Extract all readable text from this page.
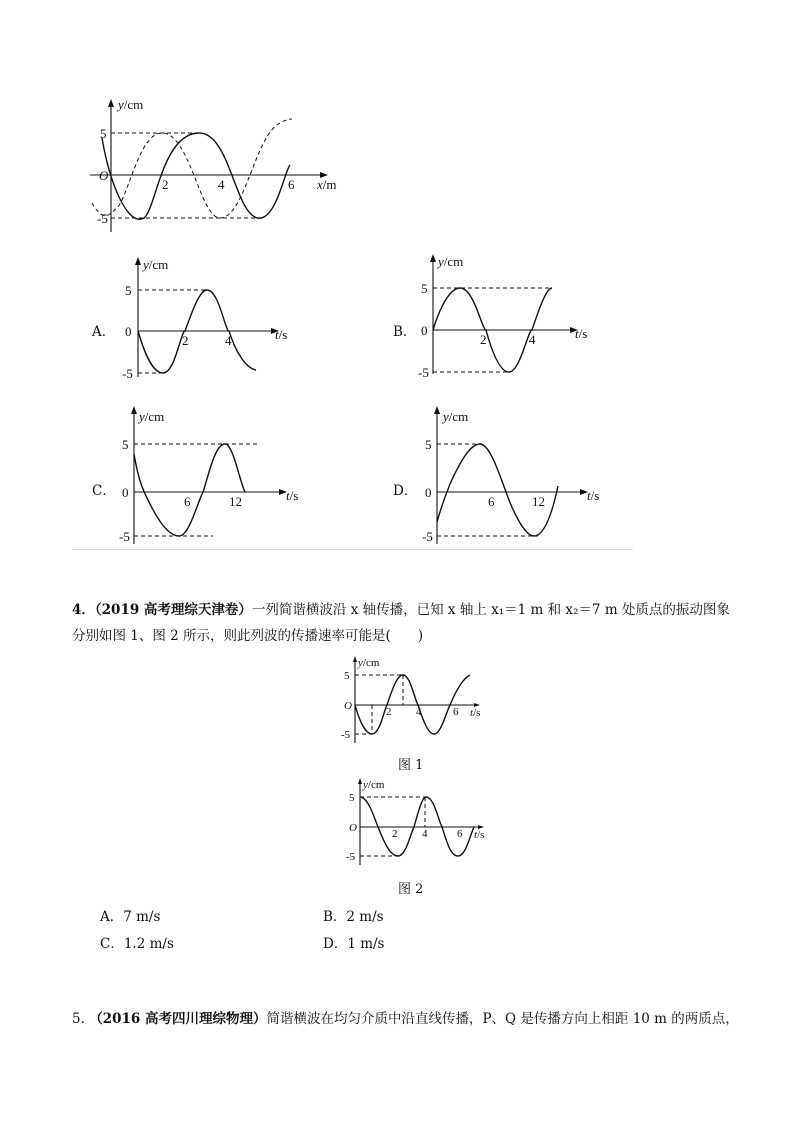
y/cm
5
O
-5
2	4	6 x/m
A．
y/cm
5
0
-5
2	4	t/s	B．
y/cm
5
0
-5
2	4	t/s
C．
y/cm
5
0
-5
6	12	t/s	D．
y/cm
5
0
-5
6	12	t/s
4．（2019 高考理综天津卷）一列简谐横波沿 x 轴传播，已知 x 轴上 x₁＝1 m 和 x₂＝7 m 处质点的振动图象
分别如图 1、图 2 所示，则此列波的传播速率可能是(　　)
y/cm
5
O
-5
2 4	6 t/s
图 1
y/cm
5
O
-5
2 4	6 t/s
图 2
A．7 m/s	B．2 m/s
C．1.2 m/s	D．1 m/s
5. （2016 高考四川理综物理）简谐横波在均匀介质中沿直线传播，P、Q 是传播方向上相距 10 m 的两质点，
